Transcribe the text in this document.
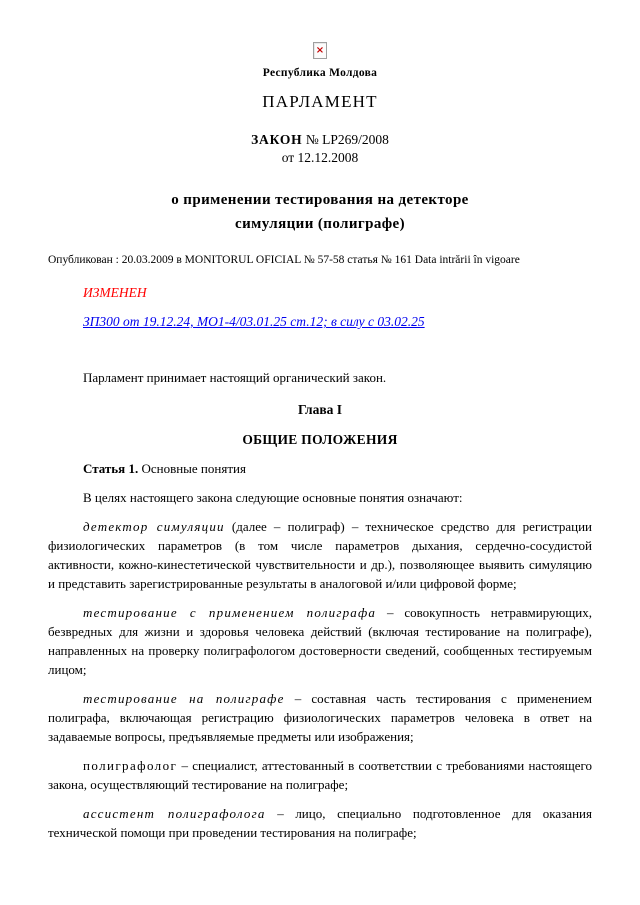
×
Республика Молдова
ПАРЛАМЕНТ
ЗАКОН № LP269/2008
от 12.12.2008
о применении тестирования на детекторе
симуляции (полиграфе)
Опубликован : 20.03.2009 в MONITORUL OFICIAL № 57-58 статья № 161 Data intrării în vigoare
ИЗМЕНЕН
ЗП300 от 19.12.24, МО1-4/03.01.25 ст.12; в силу с 03.02.25

Парламент принимает настоящий органический закон.

Глава I
ОБЩИЕ ПОЛОЖЕНИЯ

Статья 1. Основные понятия

В целях настоящего закона следующие основные понятия означают:

детектор симуляции (далее – полиграф) – техническое средство для регистрации физиологических параметров (в том числе параметров дыхания, сердечно-сосудистой активности, кожно-кинестетической чувствительности и др.), позволяющее выявить симуляцию и представить зарегистрированные результаты в аналоговой и/или цифровой форме;

тестирование с применением полиграфа – совокупность нетравмирующих, безвредных для жизни и здоровья человека действий (включая тестирование на полиграфе), направленных на проверку полиграфологом достоверности сведений, сообщенных тестируемым лицом;

тестирование на полиграфе – составная часть тестирования с применением полиграфа, включающая регистрацию физиологических параметров человека в ответ на задаваемые вопросы, предъявляемые предметы или изображения;

полиграфолог – специалист, аттестованный в соответствии с требованиями настоящего закона, осуществляющий тестирование на полиграфе;

ассистент полиграфолога – лицо, специально подготовленное для оказания технической помощи при проведении тестирования на полиграфе;
